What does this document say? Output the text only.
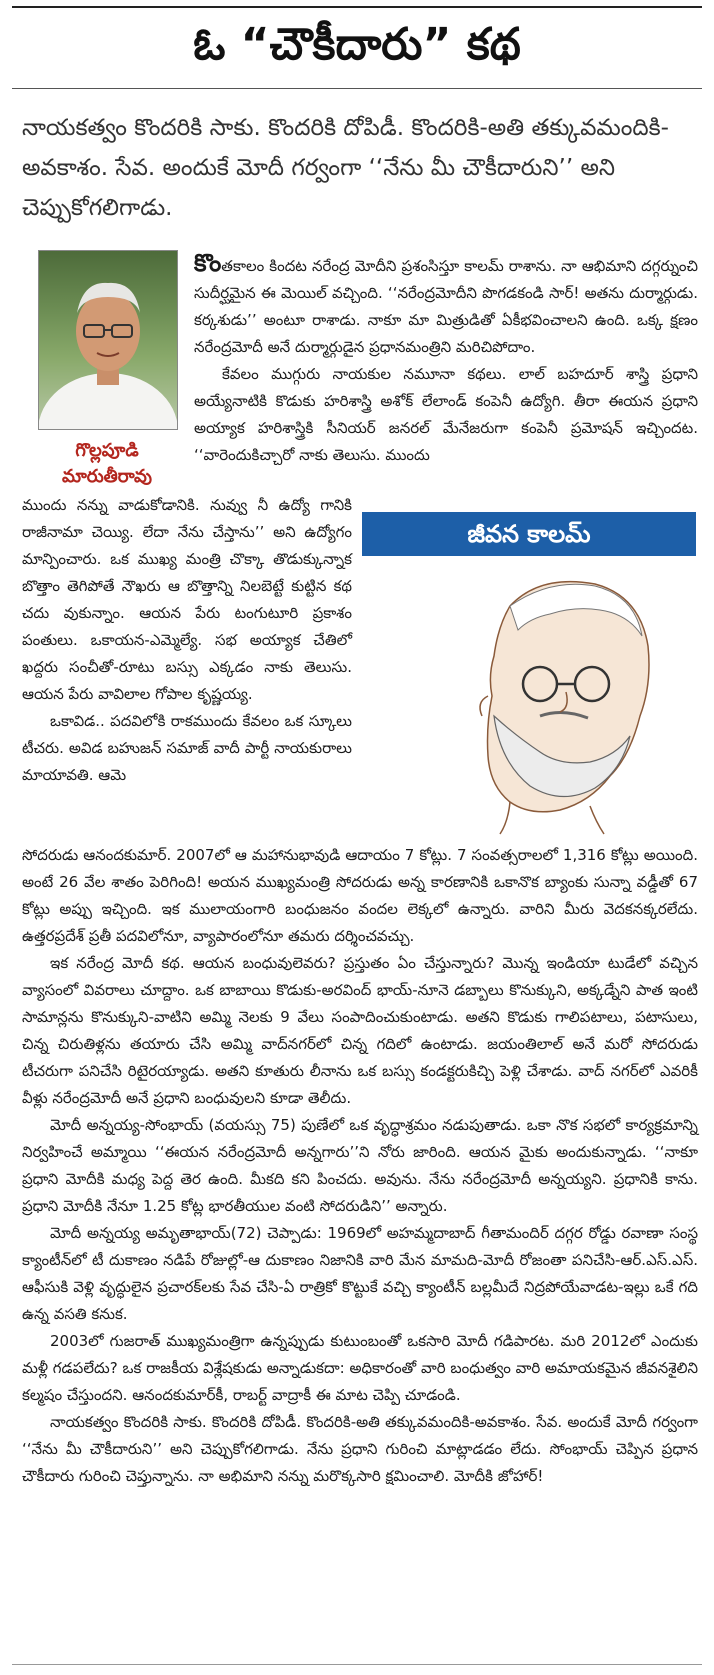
ఓ “చౌకీదారు” కథ
నాయకత్వం కొందరికి సాకు. కొందరికి దోపిడీ. కొందరికి-అతి తక్కువమందికి-అవకాశం. సేవ. అందుకే మోదీ గర్వంగా ‘‘నేను మీ చౌకీదారుని’’ అని చెప్పుకోగలిగాడు.
గొల్లపూడి
మారుతీరావు

కొంతకాలం కిందట నరేంద్ర మోదీని ప్రశంసిస్తూ కాలమ్ రాశాను. నా ఆభిమాని దగ్గర్నుంచి సుదీర్ఘమైన ఈ మెయిల్ వచ్చింది. ‘‘నరేంద్రమోదీని పొగడకండి సార్! అతను దుర్మార్గుడు. కర్కశుడు’’ అంటూ రాశాడు. నాకూ మా మిత్రుడితో ఏకీభవించాలని ఉంది. ఒక్క క్షణం నరేంద్రమోదీ అనే దుర్మార్గుడైన ప్రధానమంత్రిని మరిచిపోదాం.

కేవలం ముగ్గురు నాయకుల నమూనా కథలు. లాల్ బహదూర్ శాస్త్రి ప్రధాని అయ్యేనాటికి కొడుకు హరిశాస్త్రి అశోక్ లేలాండ్ కంపెనీ ఉద్యోగి. తీరా ఈయన ప్రధాని అయ్యాక హరిశాస్త్రికి సీనియర్ జనరల్ మేనేజరుగా కంపెనీ ప్రమోషన్ ఇచ్చిందట. ‘‘వారెందుకిచ్చారో నాకు తెలుసు. ముందు

జీవన కాలమ్

ముందు నన్ను వాడుకోడానికి. నువ్వు నీ ఉద్యో గానికి రాజీనామా చెయ్యి. లేదా నేను చేస్తాను’’ అని ఉద్యోగం మాన్పించారు. ఒక ముఖ్య మంత్రి చొక్కా తొడుక్కున్నాక బొత్తాం తెగిపోతే నౌఖరు ఆ బొత్తాన్ని నిలబెట్టే కుట్టిన కథ చదు వుకున్నాం. ఆయన పేరు టంగుటూరి ప్రకాశం పంతులు. ఒకాయన-ఎమ్మెల్యే. సభ అయ్యాక చేతిలో ఖద్దరు సంచీతో-రూటు బస్సు ఎక్కడం నాకు తెలుసు. ఆయన పేరు వావిలాల గోపాల కృష్ణయ్య.

ఒకావిడ.. పదవిలోకి రాకముందు కేవలం ఒక స్కూలు టీచరు. అవిడ బహుజన్ సమాజ్ వాదీ పార్టీ నాయకురాలు మాయావతి. ఆమె

సోదరుడు ఆనందకుమార్. 2007లో ఆ మహానుభావుడి ఆదాయం 7 కోట్లు. 7 సంవత్సరాలలో 1,316 కోట్లు అయింది. అంటే 26 వేల శాతం పెరిగింది! అయన ముఖ్యమంత్రి సోదరుడు అన్న కారణానికి ఒకానొక బ్యాంకు సున్నా వడ్డీతో 67 కోట్లు అప్పు ఇచ్చింది. ఇక ములాయంగారి బంధుజనం వందల లెక్కలో ఉన్నారు. వారిని మీరు వెదకనక్కరలేదు. ఉత్తరప్రదేశ్ ప్రతీ పదవిలోనూ, వ్యాపారంలోనూ తమరు దర్శించవచ్చు.

ఇక నరేంద్ర మోదీ కథ. ఆయన బంధువులెవరు? ప్రస్తుతం ఏం చేస్తున్నారు? మొన్న ఇండియా టుడేలో వచ్చిన వ్యాసంలో వివరాలు చూద్దాం. ఒక బాబాయి కొడుకు-అరవింద్ భాయ్-నూనె డబ్బాలు కొనుక్కుని, అక్కడ్నేని పాత ఇంటి సామాన్లను కొనుక్కుని-వాటిని అమ్మి నెలకు 9 వేలు సంపాదించుకుంటాడు. అతని కొడుకు గాలిపటాలు, పటాసులు, చిన్న చిరుతిళ్లను తయారు చేసి అమ్మి వాద్‌నగర్‌లో చిన్న గదిలో ఉంటాడు. జయంతిలాల్ అనే మరో సోదరుడు టీచరుగా పనిచేసి రిటైరయ్యాడు. అతని కూతురు లీనాను ఒక బస్సు కండక్టరుకిచ్చి పెళ్లి చేశాడు. వాద్ నగర్‌లో ఎవరికీ వీళ్లు నరేంద్రమోదీ అనే ప్రధాని బంధువులని కూడా తెలీదు.

మోదీ అన్నయ్య-సోంభాయ్ (వయస్సు 75) పుణేలో ఒక వృద్ధాశ్రమం నడుపుతాడు. ఒకా నొక సభలో కార్యక్రమాన్ని నిర్వహించే అమ్మాయి ‘‘ఈయన నరేంద్రమోదీ అన్నగారు’’ని నోరు జారింది. ఆయన మైకు అందుకున్నాడు. ‘‘నాకూ ప్రధాని మోదీకి మధ్య పెద్ద తెర ఉంది. మీకది కని పించదు. అవును. నేను నరేంద్రమోదీ అన్నయ్యని. ప్రధానికి కాను. ప్రధాని మోదీకి నేనూ 1.25 కోట్ల భారతీయుల వంటి సోదరుడిని’’ అన్నారు.

మోదీ అన్నయ్య అమృతాభాయ్(72) చెప్పాడు: 1969లో అహమ్మదాబాద్ గీతామందిర్ దగ్గర రోడ్డు రవాణా సంస్థ క్యాంటీన్‌లో టీ దుకాణం నడిపే రోజుల్లో-ఆ దుకాణం నిజానికి వారి మేన మామది-మోదీ రోజంతా పనిచేసి-ఆర్.ఎస్.ఎస్. ఆఫీసుకి వెళ్లి వృద్ధులైన ప్రచారక్‌లకు సేవ చేసి-ఏ రాత్రికో కొట్టుకే వచ్చి క్యాంటీన్ బల్లమీదే నిద్రపోయేవాడట-ఇల్లు ఒకే గది ఉన్న వసతి కనుక.

2003లో గుజరాత్ ముఖ్యమంత్రిగా ఉన్నప్పుడు కుటుంబంతో ఒకసారి మోదీ గడిపారట. మరి 2012లో ఎందుకు మళ్లీ గడపలేదు? ఒక రాజకీయ విశ్లేషకుడు అన్నాడుకదా: అధికారంతో వారి బంధుత్వం వారి అమాయకమైన జీవనశైలిని కల్మషం చేస్తుందని. ఆనందకుమార్‌కీ, రాబర్ట్ వాద్రాకీ ఈ మాట చెప్పి చూడండి.

నాయకత్వం కొందరికి సాకు. కొందరికి దోపిడీ. కొందరికి-అతి తక్కువమందికి-అవకాశం. సేవ. అందుకే మోదీ గర్వంగా ‘‘నేను మీ చౌకీదారుని’’ అని చెప్పుకోగలిగాడు. నేను ప్రధాని గురించి మాట్లాడడం లేదు. సోంభాయ్ చెప్పిన ప్రధాన చౌకీదారు గురించి చెప్తున్నాను. నా అభిమాని నన్ను మరొక్కసారి క్షమించాలి. మోదీకి జోహార్!
